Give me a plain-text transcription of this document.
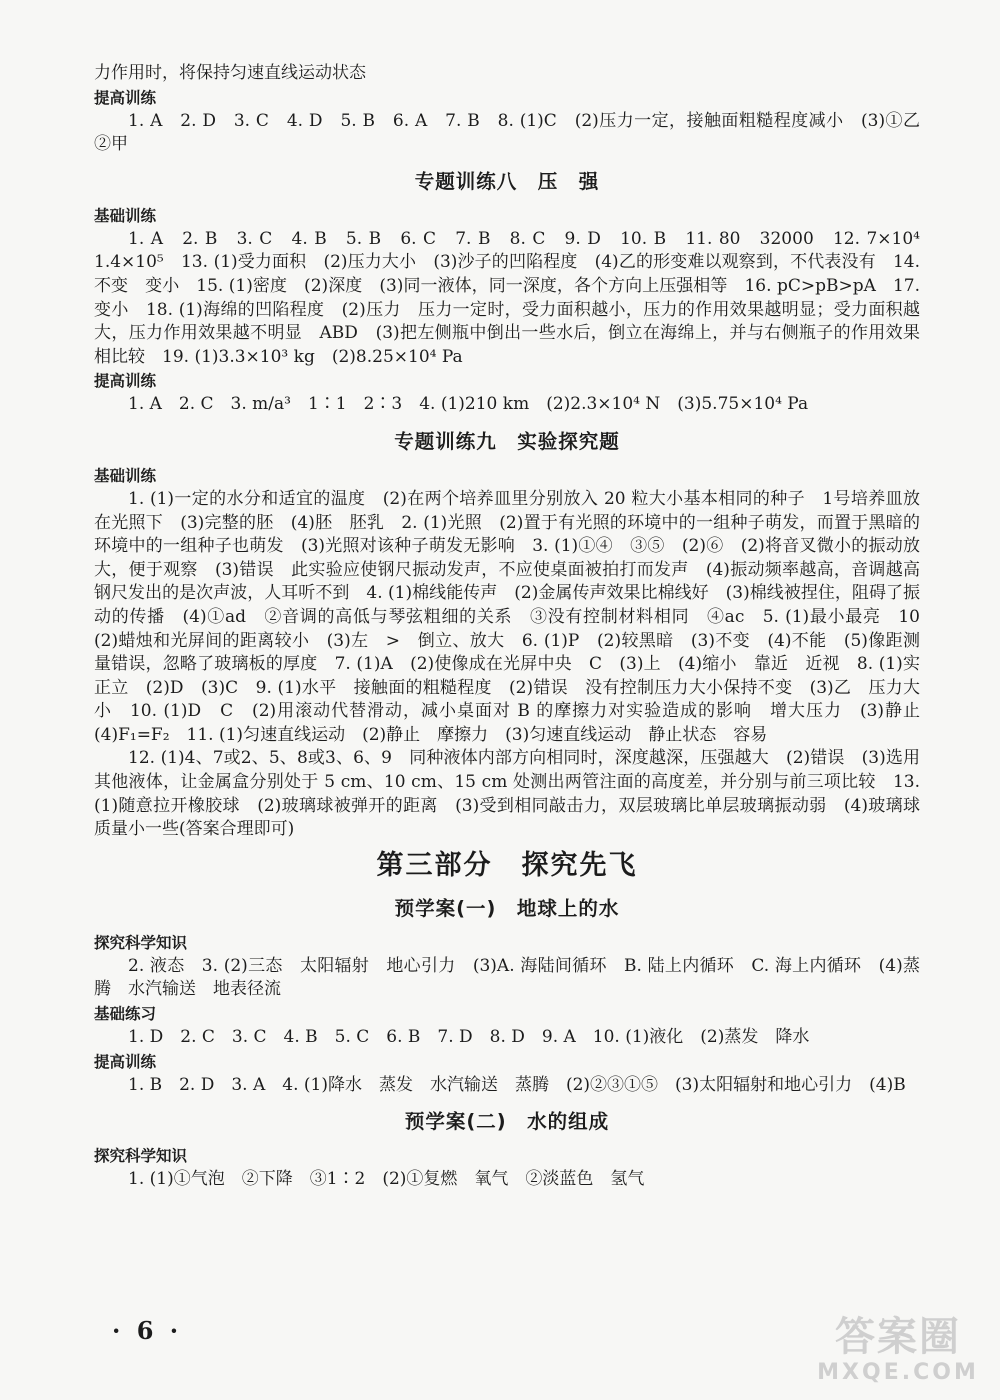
力作用时，将保持匀速直线运动状态

提高训练

1. A　2. D　3. C　4. D　5. B　6. A　7. B　8. (1)C　(2)压力一定，接触面粗糙程度减小　(3)①乙　②甲

专题训练八　压　强

基础训练

1. A　2. B　3. C　4. B　5. B　6. C　7. B　8. C　9. D　10. B　11. 80　32000　12. 7×10⁴　1.4×10⁵　13. (1)受力面积　(2)压力大小　(3)沙子的凹陷程度　(4)乙的形变难以观察到，不代表没有　14. 不变　变小　15. (1)密度　(2)深度　(3)同一液体，同一深度，各个方向上压强相等　16. pC>pB>pA　17. 变小　18. (1)海绵的凹陷程度　(2)压力　压力一定时，受力面积越小，压力的作用效果越明显；受力面积越大，压力作用效果越不明显　ABD　(3)把左侧瓶中倒出一些水后，倒立在海绵上，并与右侧瓶子的作用效果相比较　19. (1)3.3×10³ kg　(2)8.25×10⁴ Pa

提高训练

1. A　2. C　3. m/a³　1∶1　2∶3　4. (1)210 km　(2)2.3×10⁴ N　(3)5.75×10⁴ Pa

专题训练九　实验探究题

基础训练

1. (1)一定的水分和适宜的温度　(2)在两个培养皿里分别放入 20 粒大小基本相同的种子　1号培养皿放在光照下　(3)完整的胚　(4)胚　胚乳　2. (1)光照　(2)置于有光照的环境中的一组种子萌发，而置于黑暗的环境中的一组种子也萌发　(3)光照对该种子萌发无影响　3. (1)①④　③⑤　(2)⑥　(2)将音叉微小的振动放大，便于观察　(3)错误　此实验应使钢尺振动发声，不应使桌面被拍打而发声　(4)振动频率越高，音调越高　钢尺发出的是次声波，人耳听不到　4. (1)棉线能传声　(2)金属传声效果比棉线好　(3)棉线被捏住，阻碍了振动的传播　(4)①ad　②音调的高低与琴弦粗细的关系　③没有控制材料相同　④ac　5. (1)最小最亮　10　(2)蜡烛和光屏间的距离较小　(3)左　>　倒立、放大　6. (1)P　(2)较黑暗　(3)不变　(4)不能　(5)像距测量错误，忽略了玻璃板的厚度　7. (1)A　(2)使像成在光屏中央　C　(3)上　(4)缩小　靠近　近视　8. (1)实　正立　(2)D　(3)C　9. (1)水平　接触面的粗糙程度　(2)错误　没有控制压力大小保持不变　(3)乙　压力大小　10. (1)D　C　(2)用滚动代替滑动，减小桌面对 B 的摩擦力对实验造成的影响　增大压力　(3)静止　(4)F₁=F₂　11. (1)匀速直线运动　(2)静止　摩擦力　(3)匀速直线运动　静止状态　容易

12. (1)4、7或2、5、8或3、6、9　同种液体内部方向相同时，深度越深，压强越大　(2)错误　(3)选用其他液体，让金属盒分别处于 5 cm、10 cm、15 cm 处测出两管注面的高度差，并分别与前三项比较　13. (1)随意拉开橡胶球　(2)玻璃球被弹开的距离　(3)受到相同敲击力，双层玻璃比单层玻璃振动弱　(4)玻璃球质量小一些(答案合理即可)

第三部分　探究先飞

预学案(一)　地球上的水

探究科学知识

2. 液态　3. (2)三态　太阳辐射　地心引力　(3)A. 海陆间循环　B. 陆上内循环　C. 海上内循环　(4)蒸腾　水汽输送　地表径流

基础练习

1. D　2. C　3. C　4. B　5. C　6. B　7. D　8. D　9. A　10. (1)液化　(2)蒸发　降水

提高训练

1. B　2. D　3. A　4. (1)降水　蒸发　水汽输送　蒸腾　(2)②③①⑤　(3)太阳辐射和地心引力　(4)B

预学案(二)　水的组成

探究科学知识

1. (1)①气泡　②下降　③1∶2　(2)①复燃　氧气　②淡蓝色　氢气

· 6 ·	答案圈
MXQE.COM
